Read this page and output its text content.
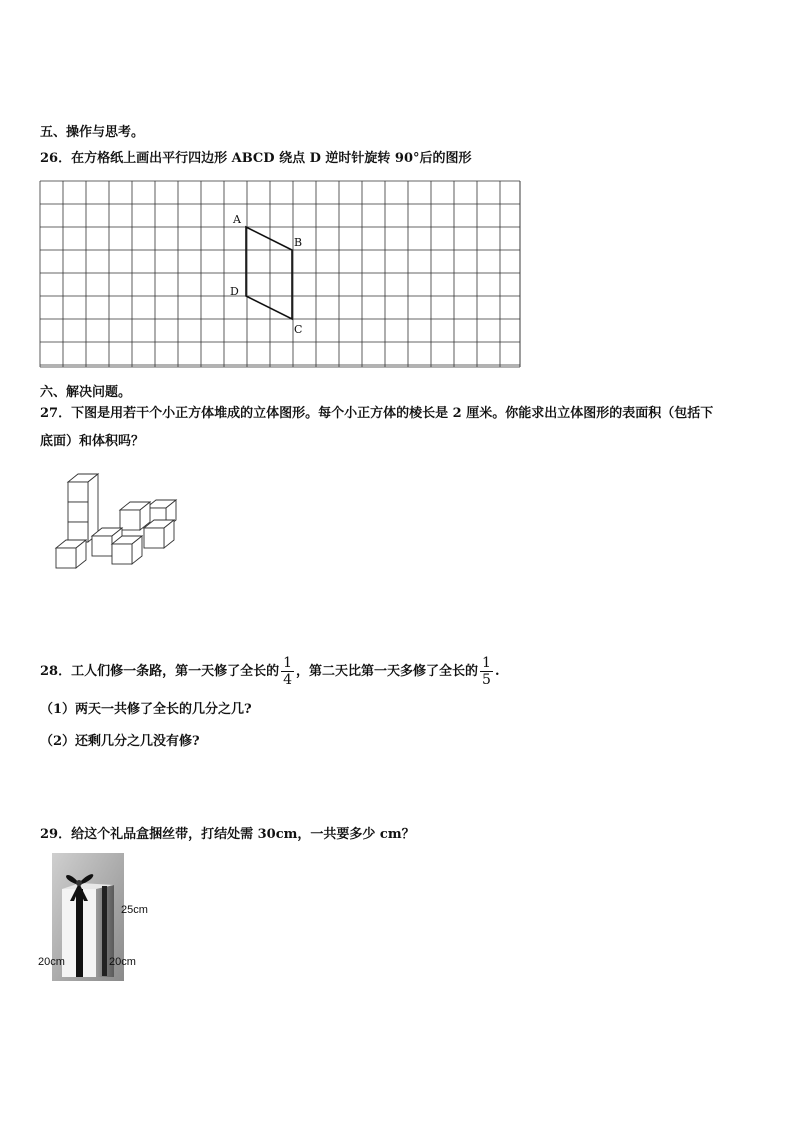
五、操作与思考。
26．在方格纸上画出平行四边形 ABCD 绕点 D 逆时针旋转 90°后的图形
A
B
C
D
六、解决问题。
27．下图是用若干个小正方体堆成的立体图形。每个小正方体的棱长是 2 厘米。你能求出立体图形的表面积（包括下
底面）和体积吗？
28．工人们修一条路，第一天修了全长的 $\frac{1}{4}$ ，第二天比第一天多修了全长的 $\frac{1}{5}$ .
（1）两天一共修了全长的几分之几?
（2）还剩几分之几没有修?
29．给这个礼品盒捆丝带，打结处需 30cm，一共要多少 cm？
25cm
20cm	20cm
